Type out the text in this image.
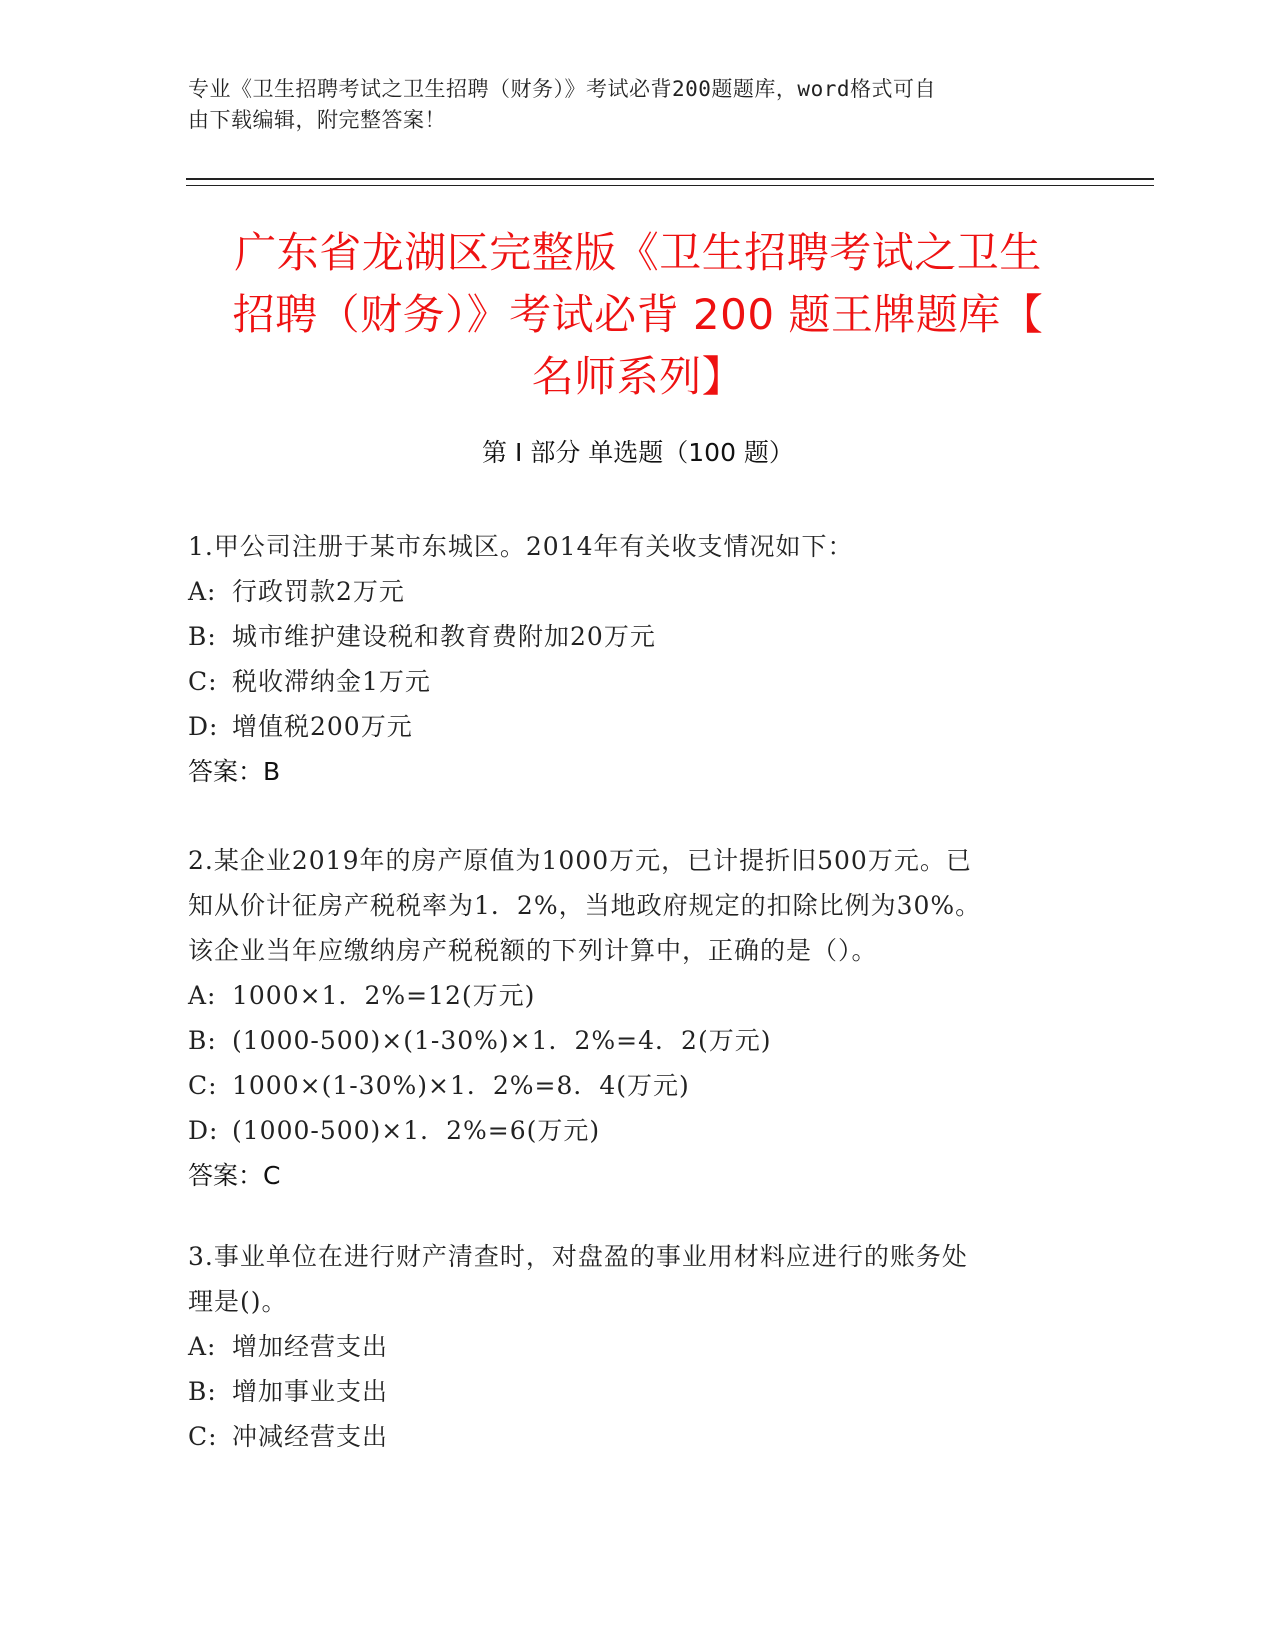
专业《卫生招聘考试之卫生招聘（财务）》考试必背200题题库，word格式可自
由下载编辑，附完整答案！
广东省龙湖区完整版《卫生招聘考试之卫生
招聘（财务）》考试必背 200 题王牌题库【
名师系列】
第 I 部分 单选题（100 题）
1.甲公司注册于某市东城区。2014年有关收支情况如下：
A: 行政罚款2万元
B: 城市维护建设税和教育费附加20万元
C: 税收滞纳金1万元
D: 增值税200万元
答案：B
2.某企业2019年的房产原值为1000万元，已计提折旧500万元。已
知从价计征房产税税率为1．2%，当地政府规定的扣除比例为30%。
该企业当年应缴纳房产税税额的下列计算中，正确的是（）。
A: 1000×1．2%=12(万元)
B: (1000-500)×(1-30%)×1．2%=4．2(万元)
C: 1000×(1-30%)×1．2%=8．4(万元)
D: (1000-500)×1．2%=6(万元)
答案：C
3.事业单位在进行财产清查时，对盘盈的事业用材料应进行的账务处
理是()。
A: 增加经营支出
B: 增加事业支出
C: 冲减经营支出
